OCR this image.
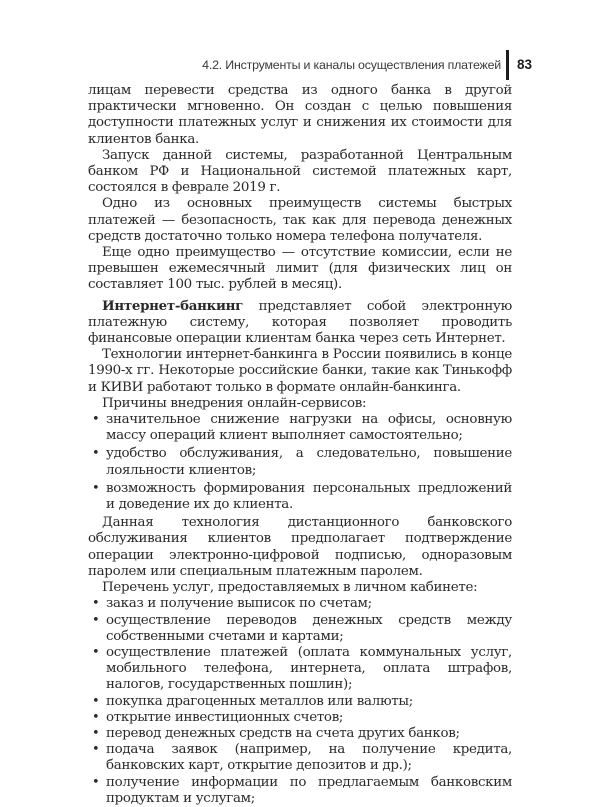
4.2. Инструменты и каналы осуществления платежей 83

лицам перевести средства из одного банка в другой практически мгновенно. Он создан с целью повышения доступности платежных услуг и снижения их стоимости для клиентов банка.

Запуск данной системы, разработанной Центральным банком РФ и Национальной системой платежных карт, состоялся в феврале 2019 г.

Одно из основных преимуществ системы быстрых платежей — безопасность, так как для перевода денежных средств достаточно только номера телефона получателя.

Еще одно преимущество — отсутствие комиссии, если не превышен ежемесячный лимит (для физических лиц он составляет 100 тыс. рублей в месяц).

Интернет-банкинг представляет собой электронную платежную систему, которая позволяет проводить финансовые операции клиентам банка через сеть Интернет.

Технологии интернет-банкинга в России появились в конце 1990-х гг. Некоторые российские банки, такие как Тинькофф и КИВИ работают только в формате онлайн-банкинга.

Причины внедрения онлайн-сервисов:

• значительное снижение нагрузки на офисы, основную массу операций клиент выполняет самостоятельно;
• удобство обслуживания, а следовательно, повышение лояльности клиентов;
• возможность формирования персональных предложений и доведение их до клиента.

Данная технология дистанционного банковского обслуживания клиентов предполагает подтверждение операции электронно-цифровой подписью, одноразовым паролем или специальным платежным паролем.

Перечень услуг, предоставляемых в личном кабинете:

• заказ и получение выписок по счетам;
• осуществление переводов денежных средств между собственными счетами и картами;
• осуществление платежей (оплата коммунальных услуг, мобильного телефона, интернета, оплата штрафов, налогов, государственных пошлин);
• покупка драгоценных металлов или валюты;
• открытие инвестиционных счетов;
• перевод денежных средств на счета других банков;
• подача заявок (например, на получение кредита, банковских карт, открытие депозитов и др.);
• получение информации по предлагаемым банковским продуктам и услугам;
